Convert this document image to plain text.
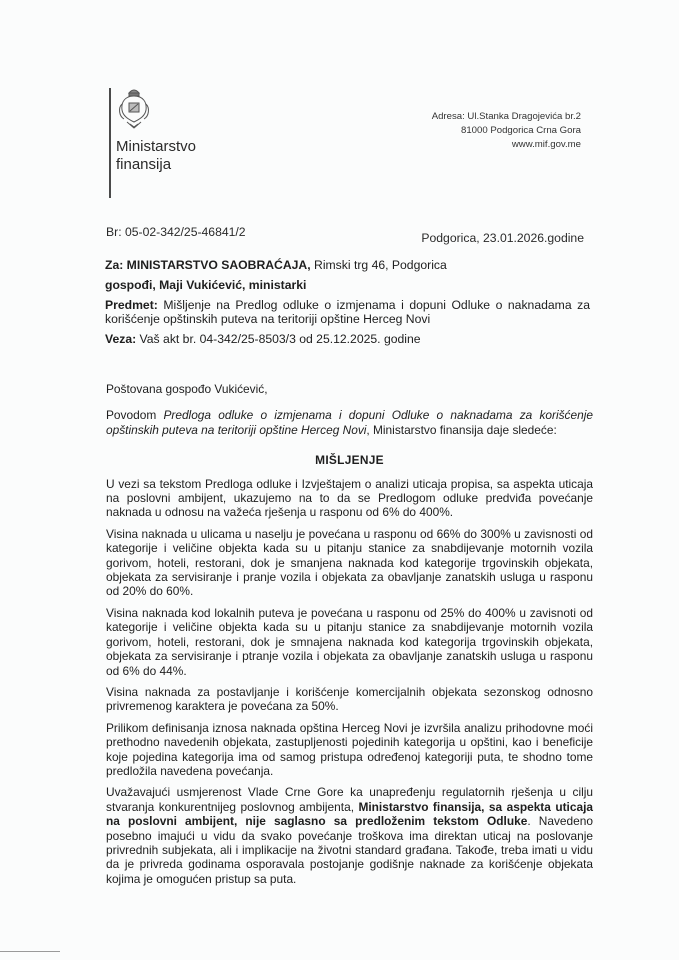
Ministarstvo
finansija
Adresa: Ul.Stanka Dragojevića br.2
81000 Podgorica Crna Gora
www.mif.gov.me
Br: 05-02-342/25-46841/2	Podgorica, 23.01.2026.godine

Za: MINISTARSTVO SAOBRAĆAJA, Rimski trg 46, Podgorica

gospođi, Maji Vukićević, ministarki

Predmet: Mišljenje na Predlog odluke o izmjenama i dopuni Odluke o naknadama za korišćenje opštinskih puteva na teritoriji opštine Herceg Novi

Veza: Vaš akt br. 04-342/25-8503/3 od 25.12.2025. godine

Poštovana gospođo Vukićević,

Povodom Predloga odluke o izmjenama i dopuni Odluke o naknadama za korišćenje opštinskih puteva na teritoriji opštine Herceg Novi, Ministarstvo finansija daje sledeće:

MIŠLJENJE

U vezi sa tekstom Predloga odluke i Izvještajem o analizi uticaja propisa, sa aspekta uticaja na poslovni ambijent, ukazujemo na to da se Predlogom odluke predviđa povećanje naknada u odnosu na važeća rješenja u rasponu od 6% do 400%.

Visina naknada u ulicama u naselju je povećana u rasponu od 66% do 300% u zavisnosti od kategorije i veličine objekta kada su u pitanju stanice za snabdijevanje motornih vozila gorivom, hoteli, restorani, dok je smanjena naknada kod kategorije trgovinskih objekata, objekata za servisiranje i pranje vozila i objekata za obavljanje zanatskih usluga u rasponu od 20% do 60%.

Visina naknada kod lokalnih puteva je povećana u rasponu od 25% do 400% u zavisnoti od kategorije i veličine objekta kada su u pitanju stanice za snabdijevanje motornih vozila gorivom, hoteli, restorani, dok je smnajena naknada kod kategorija trgovinskih objekata, objekata za servisiranje i ptranje vozila i objekata za obavljanje zanatskih usluga u rasponu od 6% do 44%.

Visina naknada za postavljanje i korišćenje komercijalnih objekata sezonskog odnosno privremenog karaktera je povećana za 50%.

Prilikom definisanja iznosa naknada opština Herceg Novi je izvršila analizu prihodovne moći prethodno navedenih objekata, zastupljenosti pojedinih kategorija u opštini, kao i beneficije koje pojedina kategorija ima od samog pristupa određenoj kategoriji puta, te shodno tome predložila navedena povećanja.

Uvažavajući usmjerenost Vlade Crne Gore ka unapređenju regulatornih rješenja u cilju stvaranja konkurentnijeg poslovnog ambijenta, Ministarstvo finansija, sa aspekta uticaja na poslovni ambijent, nije saglasno sa predloženim tekstom Odluke. Navedeno posebno imajući u vidu da svako povećanje troškova ima direktan uticaj na poslovanje privrednih subjekata, ali i implikacije na životni standard građana. Takođe, treba imati u vidu da je privreda godinama osporavala postojanje godišnje naknade za korišćenje objekata kojima je omogućen pristup sa puta.
